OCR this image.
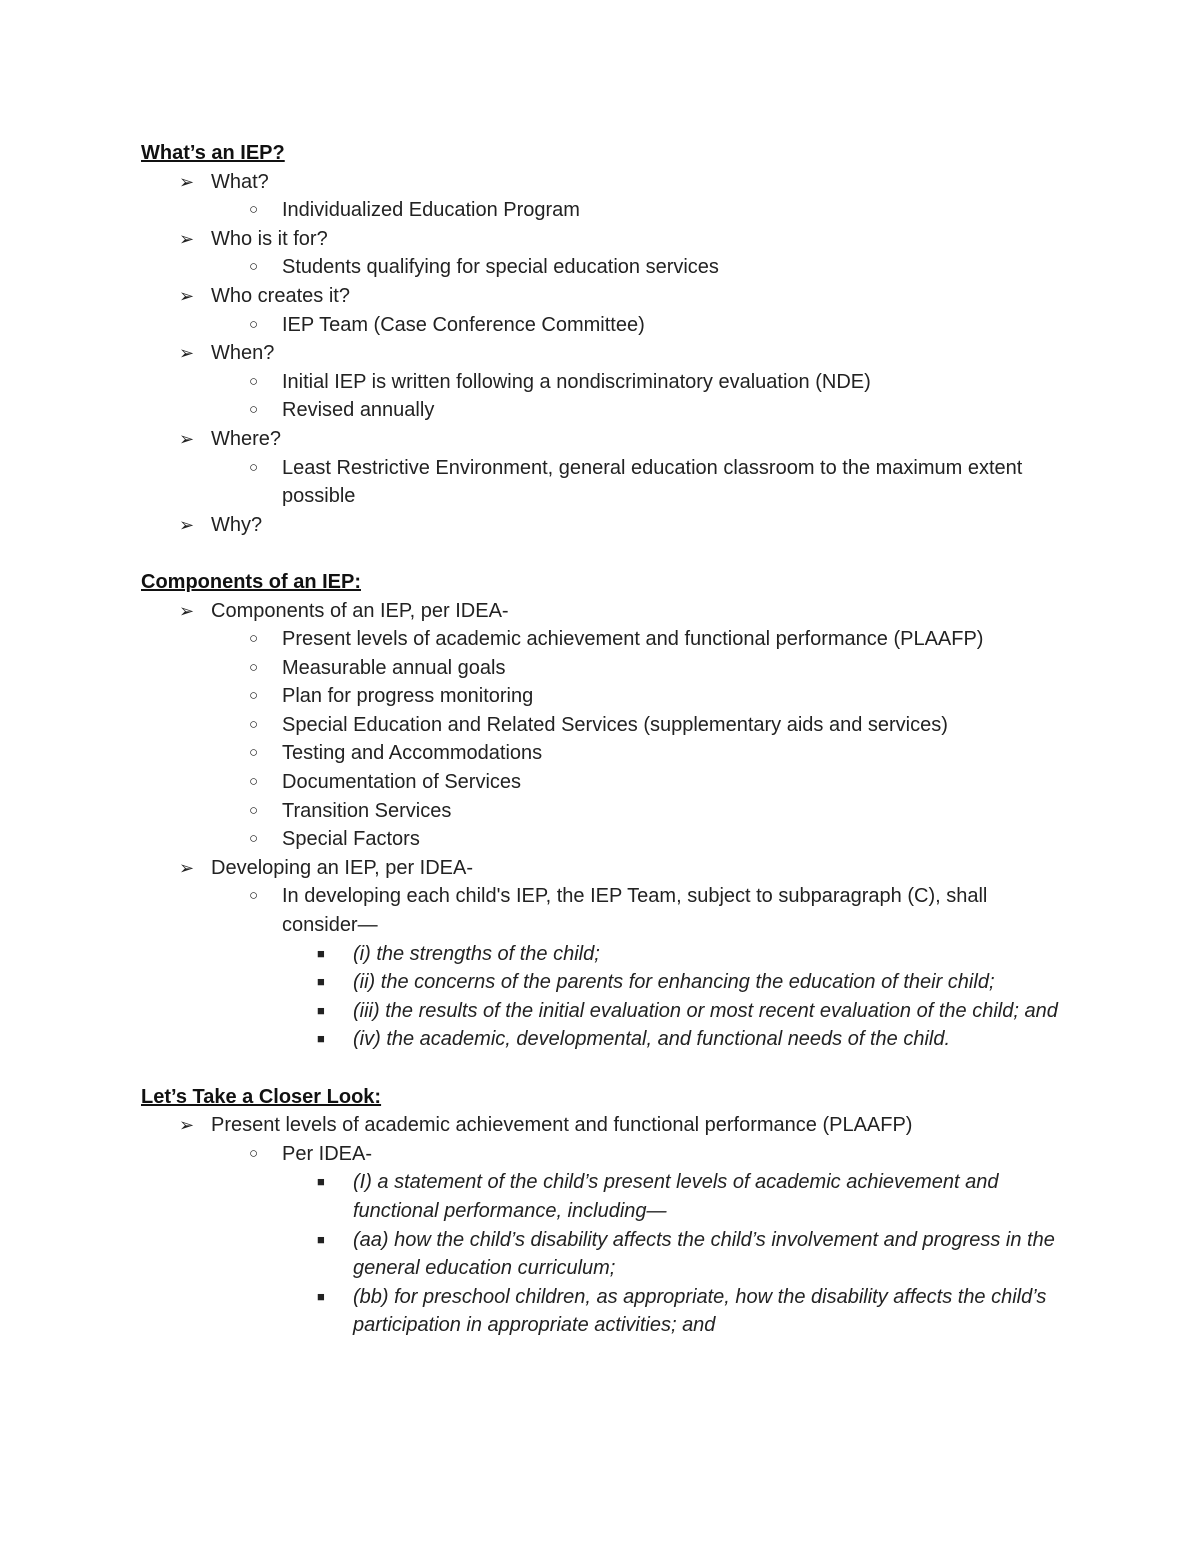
What’s an IEP?
➢ What?
○ Individualized Education Program
➢ Who is it for?
○ Students qualifying for special education services
➢ Who creates it?
○ IEP Team (Case Conference Committee)
➢ When?
○ Initial IEP is written following a nondiscriminatory evaluation (NDE)
○ Revised annually
➢ Where?
○ Least Restrictive Environment, general education classroom to the maximum extent possible
➢ Why?
Components of an IEP:
➢ Components of an IEP, per IDEA-
○ Present levels of academic achievement and functional performance (PLAAFP)
○ Measurable annual goals
○ Plan for progress monitoring
○ Special Education and Related Services (supplementary aids and services)
○ Testing and Accommodations
○ Documentation of Services
○ Transition Services
○ Special Factors
➢ Developing an IEP, per IDEA-
○ In developing each child's IEP, the IEP Team, subject to subparagraph (C), shall consider—
■ (i) the strengths of the child;
■ (ii) the concerns of the parents for enhancing the education of their child;
■ (iii) the results of the initial evaluation or most recent evaluation of the child; and
■ (iv) the academic, developmental, and functional needs of the child.
Let’s Take a Closer Look:
➢ Present levels of academic achievement and functional performance (PLAAFP)
○ Per IDEA-
■ (I) a statement of the child’s present levels of academic achievement and functional performance, including—
■ (aa) how the child’s disability affects the child’s involvement and progress in the general education curriculum;
■ (bb) for preschool children, as appropriate, how the disability affects the child’s participation in appropriate activities; and
